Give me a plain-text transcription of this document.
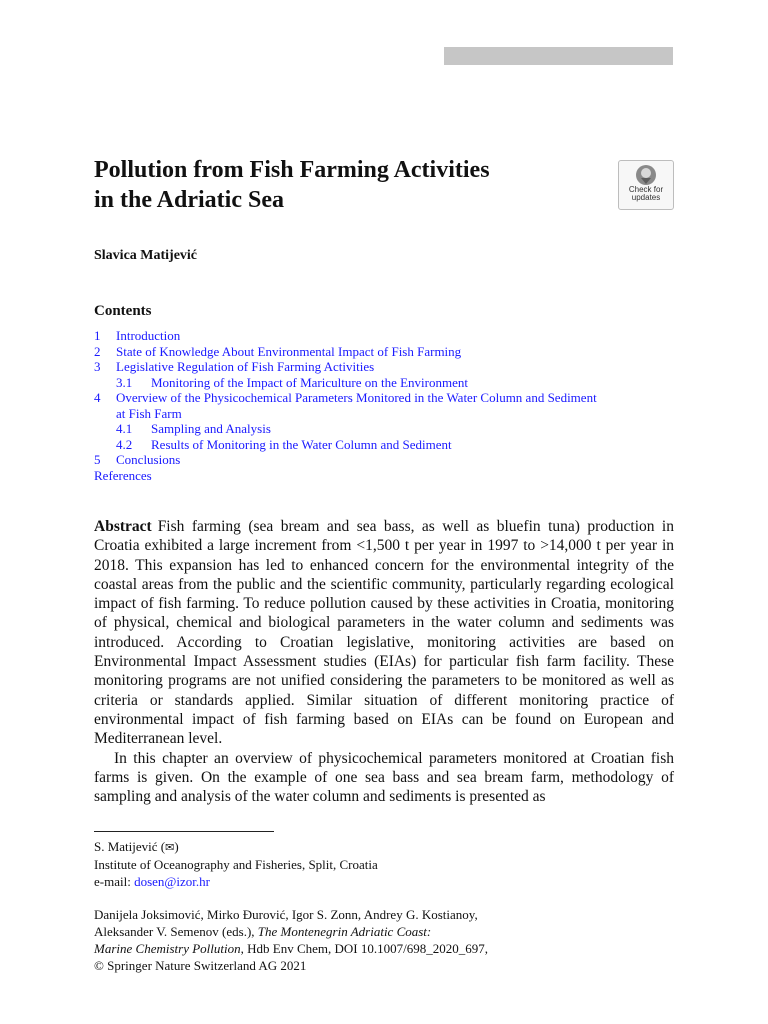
Pollution from Fish Farming Activities
in the Adriatic Sea	Check for
updates
Slavica Matijević
Contents
1	Introduction
2	State of Knowledge About Environmental Impact of Fish Farming
3	Legislative Regulation of Fish Farming Activities
3.1	Monitoring of the Impact of Mariculture on the Environment
4	Overview of the Physicochemical Parameters Monitored in the Water Column and Sediment
at Fish Farm
4.1	Sampling and Analysis
4.2	Results of Monitoring in the Water Column and Sediment
5	Conclusions
References

Abstract Fish farming (sea bream and sea bass, as well as bluefin tuna) production in Croatia exhibited a large increment from <1,500 t per year in 1997 to >14,000 t per year in 2018. This expansion has led to enhanced concern for the environmental integrity of the coastal areas from the public and the scientific community, particularly regarding ecological impact of fish farming. To reduce pollution caused by these activities in Croatia, monitoring of physical, chemical and biological parameters in the water column and sediments was introduced. According to Croatian legislative, monitoring activities are based on Environmental Impact Assessment studies (EIAs) for particular fish farm facility. These monitoring programs are not unified considering the parameters to be monitored as well as criteria or standards applied. Similar situation of different monitoring practice of environmental impact of fish farming based on EIAs can be found on European and Mediterranean level.

In this chapter an overview of physicochemical parameters monitored at Croatian fish farms is given. On the example of one sea bass and sea bream farm, methodology of sampling and analysis of the water column and sediments is presented as

S. Matijević (✉)
Institute of Oceanography and Fisheries, Split, Croatia
e-mail: dosen@izor.hr
Danijela Joksimović, Mirko Đurović, Igor S. Zonn, Andrey G. Kostianoy,
Aleksander V. Semenov (eds.), The Montenegrin Adriatic Coast:
Marine Chemistry Pollution, Hdb Env Chem, DOI 10.1007/698_2020_697,
© Springer Nature Switzerland AG 2021
